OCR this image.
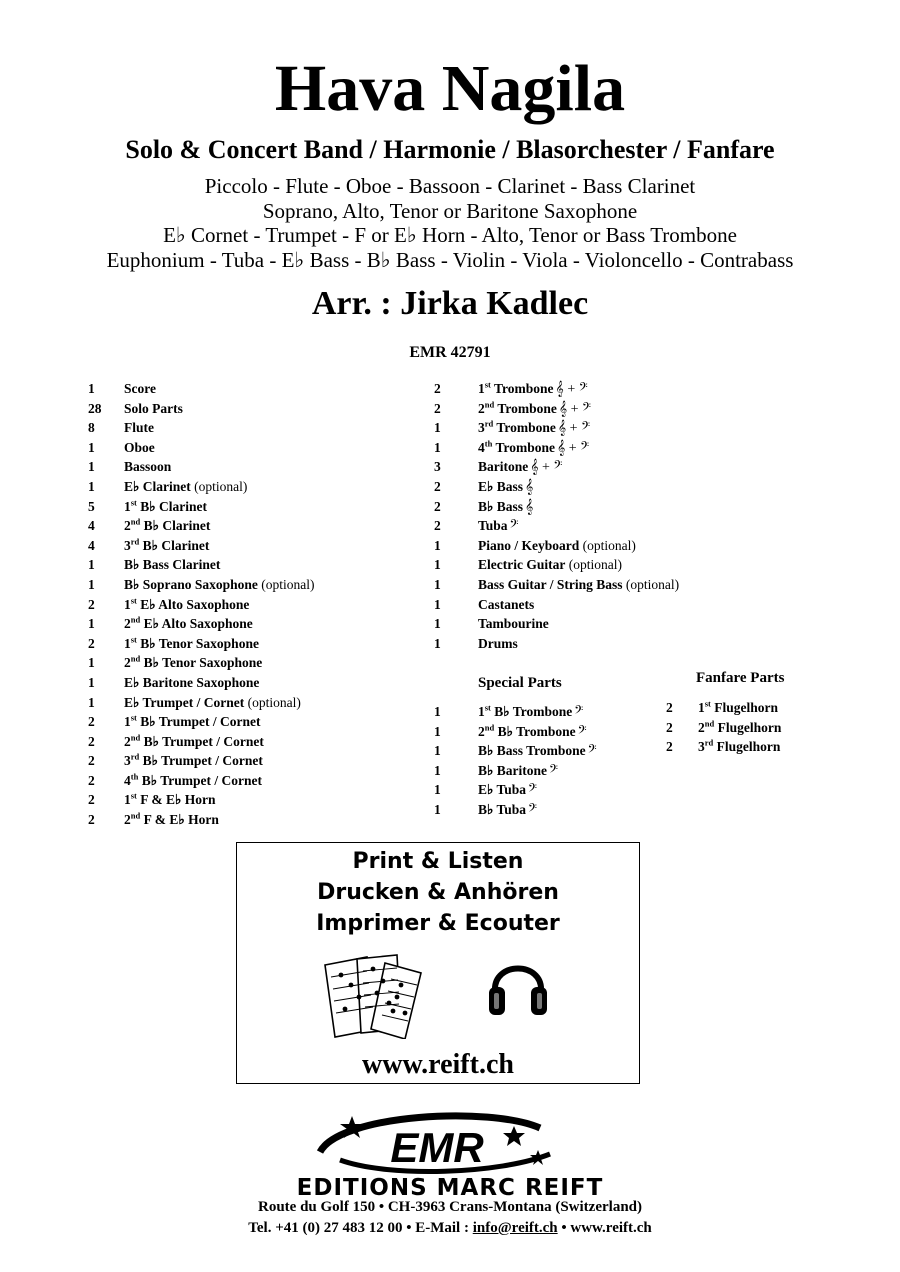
Hava Nagila
Solo & Concert Band / Harmonie / Blasorchester / Fanfare
Piccolo - Flute - Oboe - Bassoon - Clarinet - Bass Clarinet
Soprano, Alto, Tenor or Baritone Saxophone
E♭ Cornet - Trumpet - F or E♭ Horn - Alto, Tenor or Bass Trombone
Euphonium - Tuba - E♭ Bass - B♭ Bass - Violin - Viola - Violoncello - Contrabass
Arr. : Jirka Kadlec
EMR 42791
1 Score
28 Solo Parts
8 Flute
1 Oboe
1 Bassoon
1 E♭ Clarinet (optional)
5 1st B♭ Clarinet
4 2nd B♭ Clarinet
4 3rd B♭ Clarinet
1 B♭ Bass Clarinet
1 B♭ Soprano Saxophone (optional)
2 1st E♭ Alto Saxophone
1 2nd E♭ Alto Saxophone
2 1st B♭ Tenor Saxophone
1 2nd B♭ Tenor Saxophone
1 E♭ Baritone Saxophone
1 E♭ Trumpet / Cornet (optional)
2 1st B♭ Trumpet / Cornet
2 2nd B♭ Trumpet / Cornet
2 3rd B♭ Trumpet / Cornet
2 4th B♭ Trumpet / Cornet
2 1st F & E♭ Horn
2 2nd F & E♭ Horn
2	1st Trombone 𝄞 + 𝄢
2	2nd Trombone 𝄞 + 𝄢
1	3rd Trombone 𝄞 + 𝄢
1	4th Trombone 𝄞 + 𝄢
3	Baritone 𝄞 + 𝄢
2	E♭ Bass 𝄞
2	B♭ Bass 𝄞
2	Tuba 𝄢
1	Piano / Keyboard (optional)
1	Electric Guitar (optional)
1	Bass Guitar / String Bass (optional)
1	Castanets
1	Tambourine
1	Drums
Special Parts
1	1st B♭ Trombone 𝄢
1	2nd B♭ Trombone 𝄢
1	B♭ Bass Trombone 𝄢
1	B♭ Baritone 𝄢
1	E♭ Tuba 𝄢
1	B♭ Tuba 𝄢
Fanfare Parts
2 1st Flugelhorn
2 2nd Flugelhorn
2 3rd Flugelhorn
Print & Listen
Drucken & Anhören
Imprimer & Ecouter
www.reift.ch
EMR
EDITIONS MARC REIFT
Route du Golf 150 • CH-3963 Crans-Montana (Switzerland)
Tel. +41 (0) 27 483 12 00 • E-Mail : info@reift.ch • www.reift.ch
